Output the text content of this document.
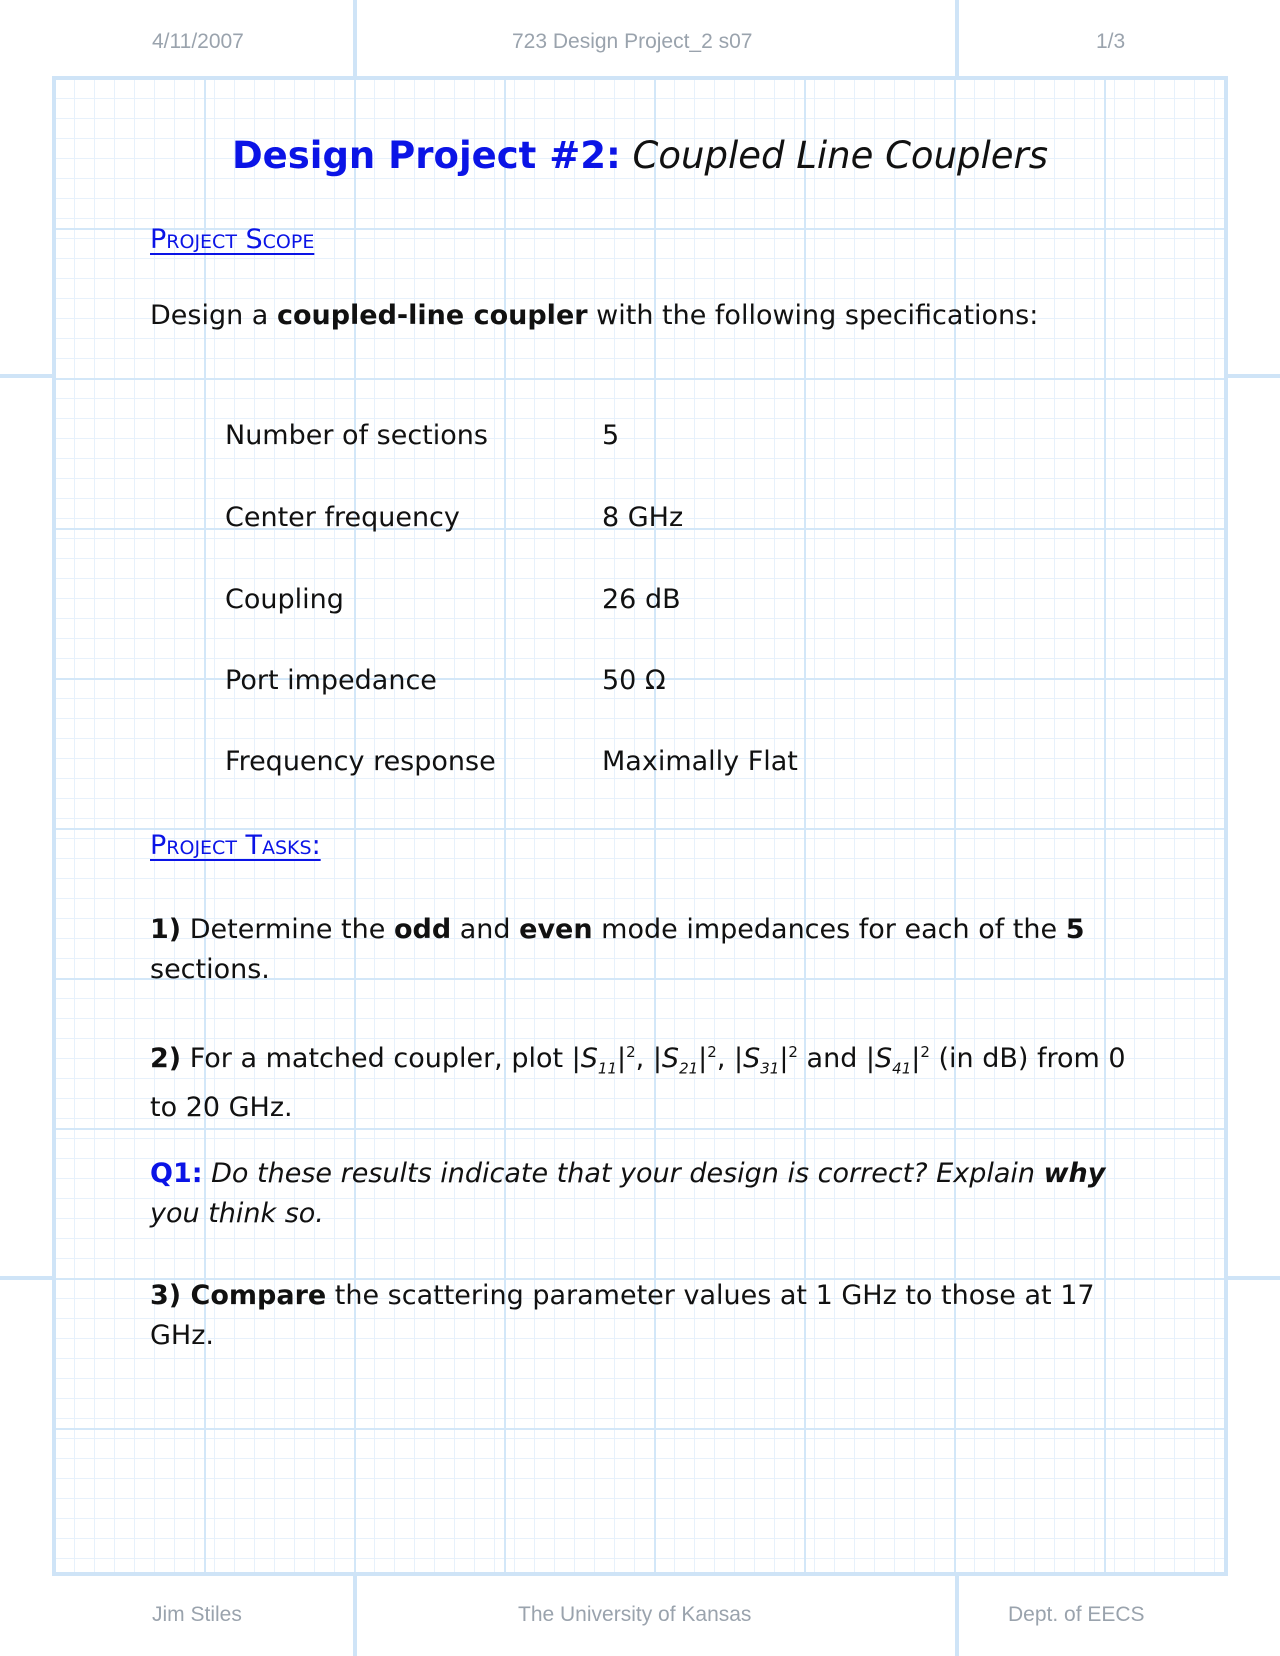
4/11/2007	723 Design Project_2 s07	1/3
Jim Stiles	The University of Kansas	Dept. of EECS
Design Project #2: Coupled Line Couplers
Project Scope
Design a coupled-line coupler with the following specifications:
Number of sections	5
Center frequency	8 GHz
Coupling	26 dB
Port impedance	50 Ω
Frequency response	Maximally Flat
Project Tasks:
1) Determine the odd and even mode impedances for each of the 5 sections.
2) For a matched coupler, plot $|S_{11}|^2$, $|S_{21}|^2$, $|S_{31}|^2$ and $|S_{41}|^2$ (in dB) from 0 to 20 GHz.
Q1: Do these results indicate that your design is correct? Explain why you think so.
3) Compare the scattering parameter values at 1 GHz to those at 17 GHz.
